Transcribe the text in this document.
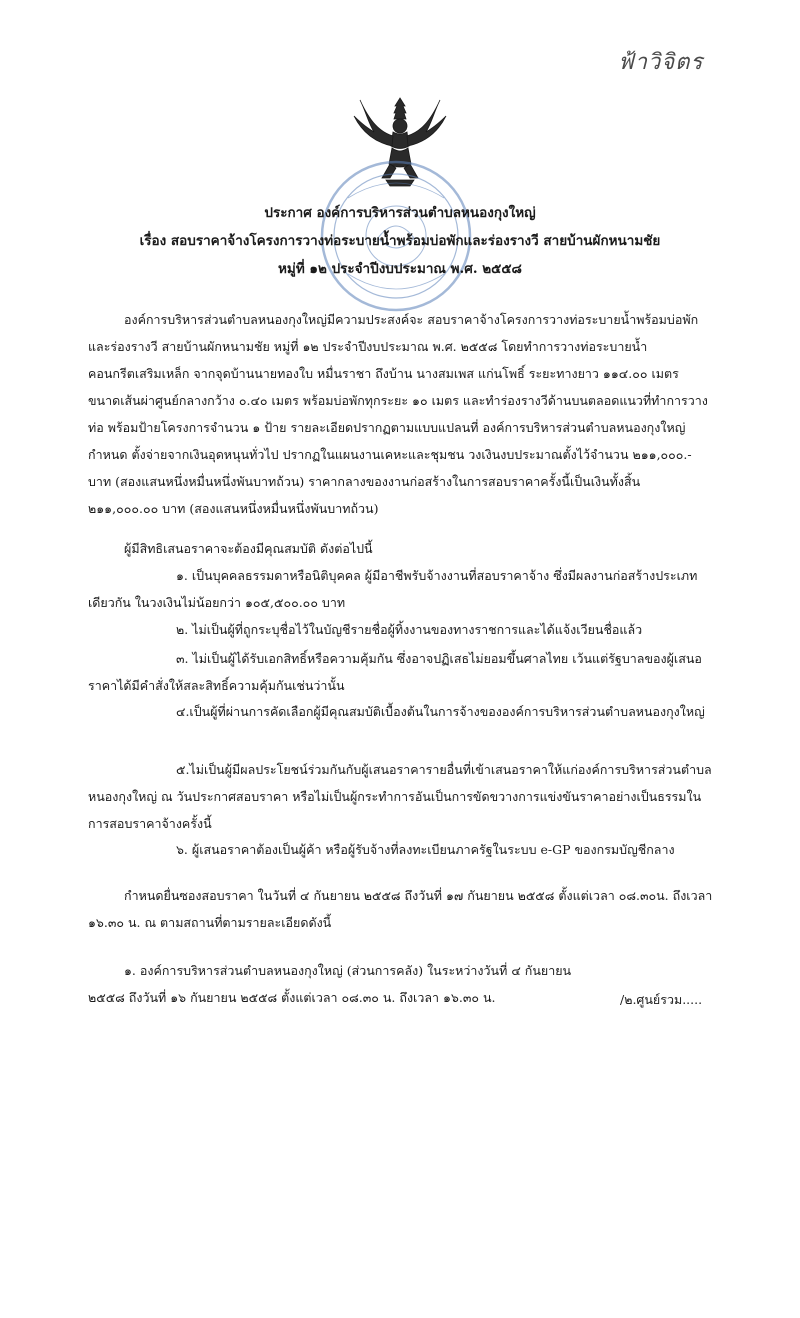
ฟ้าวิจิตร
ประกาศ องค์การบริหารส่วนตำบลหนองกุงใหญ่
เรื่อง สอบราคาจ้างโครงการวางท่อระบายน้ำพร้อมบ่อพักและร่องรางวี สายบ้านผักหนามชัย
หมู่ที่ ๑๒ ประจำปีงบประมาณ พ.ศ. ๒๕๕๘

องค์การบริหารส่วนตำบลหนองกุงใหญ่มีความประสงค์จะ สอบราคาจ้างโครงการวางท่อระบายน้ำพร้อมบ่อพักและร่องรางวี สายบ้านผักหนามชัย หมู่ที่ ๑๒ ประจำปีงบประมาณ พ.ศ. ๒๕๕๘ โดยทำการวางท่อระบายน้ำคอนกรีตเสริมเหล็ก จากจุดบ้านนายทองใบ หมื่นราชา ถึงบ้าน นางสมเพส แก่นโพธิ์ ระยะทางยาว ๑๑๔.๐๐ เมตร ขนาดเส้นผ่าศูนย์กลางกว้าง ๐.๔๐ เมตร พร้อมบ่อพักทุกระยะ ๑๐ เมตร และทำร่องรางวีด้านบนตลอดแนวที่ทำการวางท่อ พร้อมป้ายโครงการจำนวน ๑ ป้าย รายละเอียดปรากฏตามแบบแปลนที่ องค์การบริหารส่วนตำบลหนองกุงใหญ่กำหนด ตั้งจ่ายจากเงินอุดหนุนทั่วไป ปรากฏในแผนงานเคหะและชุมชน วงเงินงบประมาณตั้งไว้จำนวน ๒๑๑,๐๐๐.-บาท (สองแสนหนึ่งหมื่นหนึ่งพันบาทถ้วน) ราคากลางของงานก่อสร้างในการสอบราคาครั้งนี้เป็นเงินทั้งสิ้น ๒๑๑,๐๐๐.๐๐ บาท (สองแสนหนึ่งหมื่นหนึ่งพันบาทถ้วน)

ผู้มีสิทธิเสนอราคาจะต้องมีคุณสมบัติ ดังต่อไปนี้

๑. เป็นบุคคลธรรมดาหรือนิติบุคคล ผู้มีอาชีพรับจ้างงานที่สอบราคาจ้าง ซึ่งมีผลงานก่อสร้างประเภทเดียวกัน ในวงเงินไม่น้อยกว่า ๑๐๕,๕๐๐.๐๐ บาท

๒. ไม่เป็นผู้ที่ถูกระบุชื่อไว้ในบัญชีรายชื่อผู้ทิ้งงานของทางราชการและได้แจ้งเวียนชื่อแล้ว

๓. ไม่เป็นผู้ได้รับเอกสิทธิ์หรือความคุ้มกัน ซึ่งอาจปฏิเสธไม่ยอมขึ้นศาลไทย เว้นแต่รัฐบาลของผู้เสนอราคาได้มีคำสั่งให้สละสิทธิ์ความคุ้มกันเช่นว่านั้น

๔.เป็นผู้ที่ผ่านการคัดเลือกผู้มีคุณสมบัติเบื้องต้นในการจ้างขององค์การบริหารส่วนตำบลหนองกุงใหญ่

๕.ไม่เป็นผู้มีผลประโยชน์ร่วมกันกับผู้เสนอราคารายอื่นที่เข้าเสนอราคาให้แก่องค์การบริหารส่วนตำบลหนองกุงใหญ่ ณ วันประกาศสอบราคา หรือไม่เป็นผู้กระทำการอันเป็นการขัดขวางการแข่งขันราคาอย่างเป็นธรรมในการสอบราคาจ้างครั้งนี้

๖. ผู้เสนอราคาต้องเป็นผู้ค้า หรือผู้รับจ้างที่ลงทะเบียนภาครัฐในระบบ e-GP ของกรมบัญชีกลาง

กำหนดยื่นซองสอบราคา ในวันที่ ๔ กันยายน ๒๕๕๘ ถึงวันที่ ๑๗ กันยายน ๒๕๕๘ ตั้งแต่เวลา ๐๘.๓๐น. ถึงเวลา ๑๖.๓๐ น. ณ ตามสถานที่ตามรายละเอียดดังนี้

๑. องค์การบริหารส่วนตำบลหนองกุงใหญ่ (ส่วนการคลัง) ในระหว่างวันที่ ๔ กันยายน ๒๕๕๘ ถึงวันที่ ๑๖ กันยายน ๒๕๕๘ ตั้งแต่เวลา ๐๘.๓๐ น. ถึงเวลา ๑๖.๓๐ น.	/๒.ศูนย์รวม.....
